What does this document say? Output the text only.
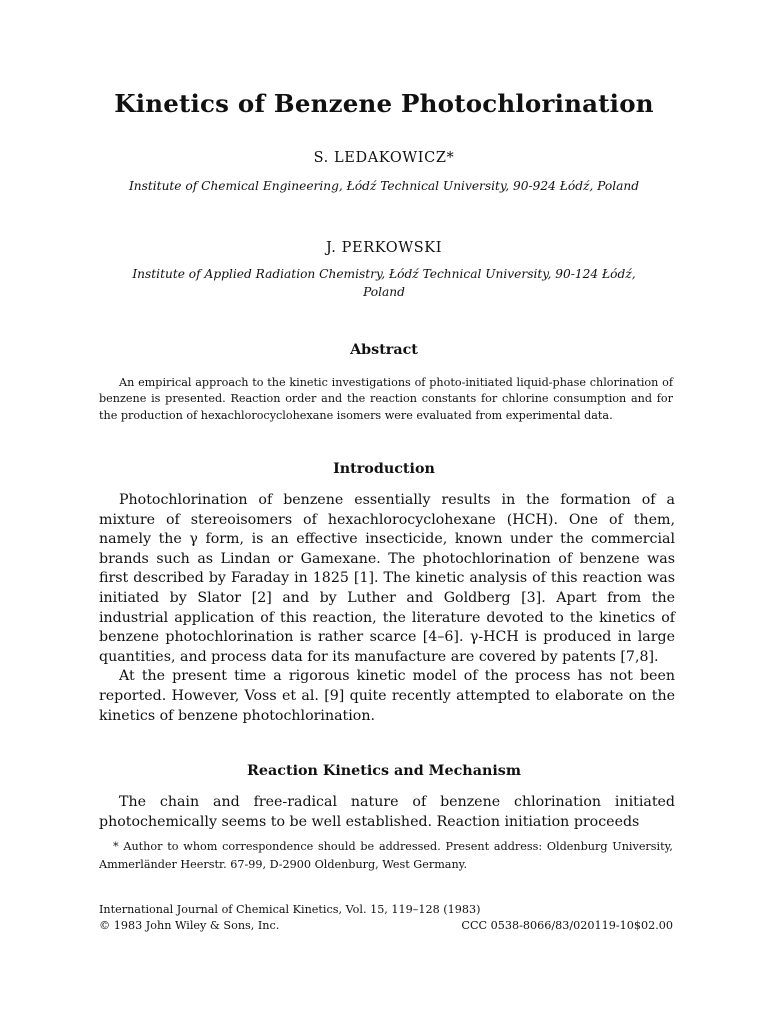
Kinetics of Benzene Photochlorination
S. LEDAKOWICZ*
Institute of Chemical Engineering, Łódź Technical University, 90-924 Łódź, Poland
J. PERKOWSKI
Institute of Applied Radiation Chemistry, Łódź Technical University, 90-124 Łódź,
Poland
Abstract

An empirical approach to the kinetic investigations of photo-initiated liquid-phase chlorination of benzene is presented. Reaction order and the reaction constants for chlorine consumption and for the production of hexachlorocyclohexane isomers were evaluated from experimental data.

Introduction

Photochlorination of benzene essentially results in the formation of a mixture of stereoisomers of hexachlorocyclohexane (HCH). One of them, namely the γ form, is an effective insecticide, known under the commercial brands such as Lindan or Gamexane. The photochlorination of benzene was first described by Faraday in 1825 [1]. The kinetic analysis of this reaction was initiated by Slator [2] and by Luther and Goldberg [3]. Apart from the industrial application of this reaction, the literature devoted to the kinetics of benzene photochlorination is rather scarce [4–6]. γ-HCH is produced in large quantities, and process data for its manufacture are covered by patents [7,8].

At the present time a rigorous kinetic model of the process has not been reported. However, Voss et al. [9] quite recently attempted to elaborate on the kinetics of benzene photochlorination.

Reaction Kinetics and Mechanism

The chain and free-radical nature of benzene chlorination initiated photochemically seems to be well established. Reaction initiation proceeds

* Author to whom correspondence should be addressed. Present address: Oldenburg University, Ammerländer Heerstr. 67-99, D-2900 Oldenburg, West Germany.

International Journal of Chemical Kinetics, Vol. 15, 119–128 (1983)
© 1983 John Wiley & Sons, Inc.	CCC 0538-8066/83/020119-10$02.00
